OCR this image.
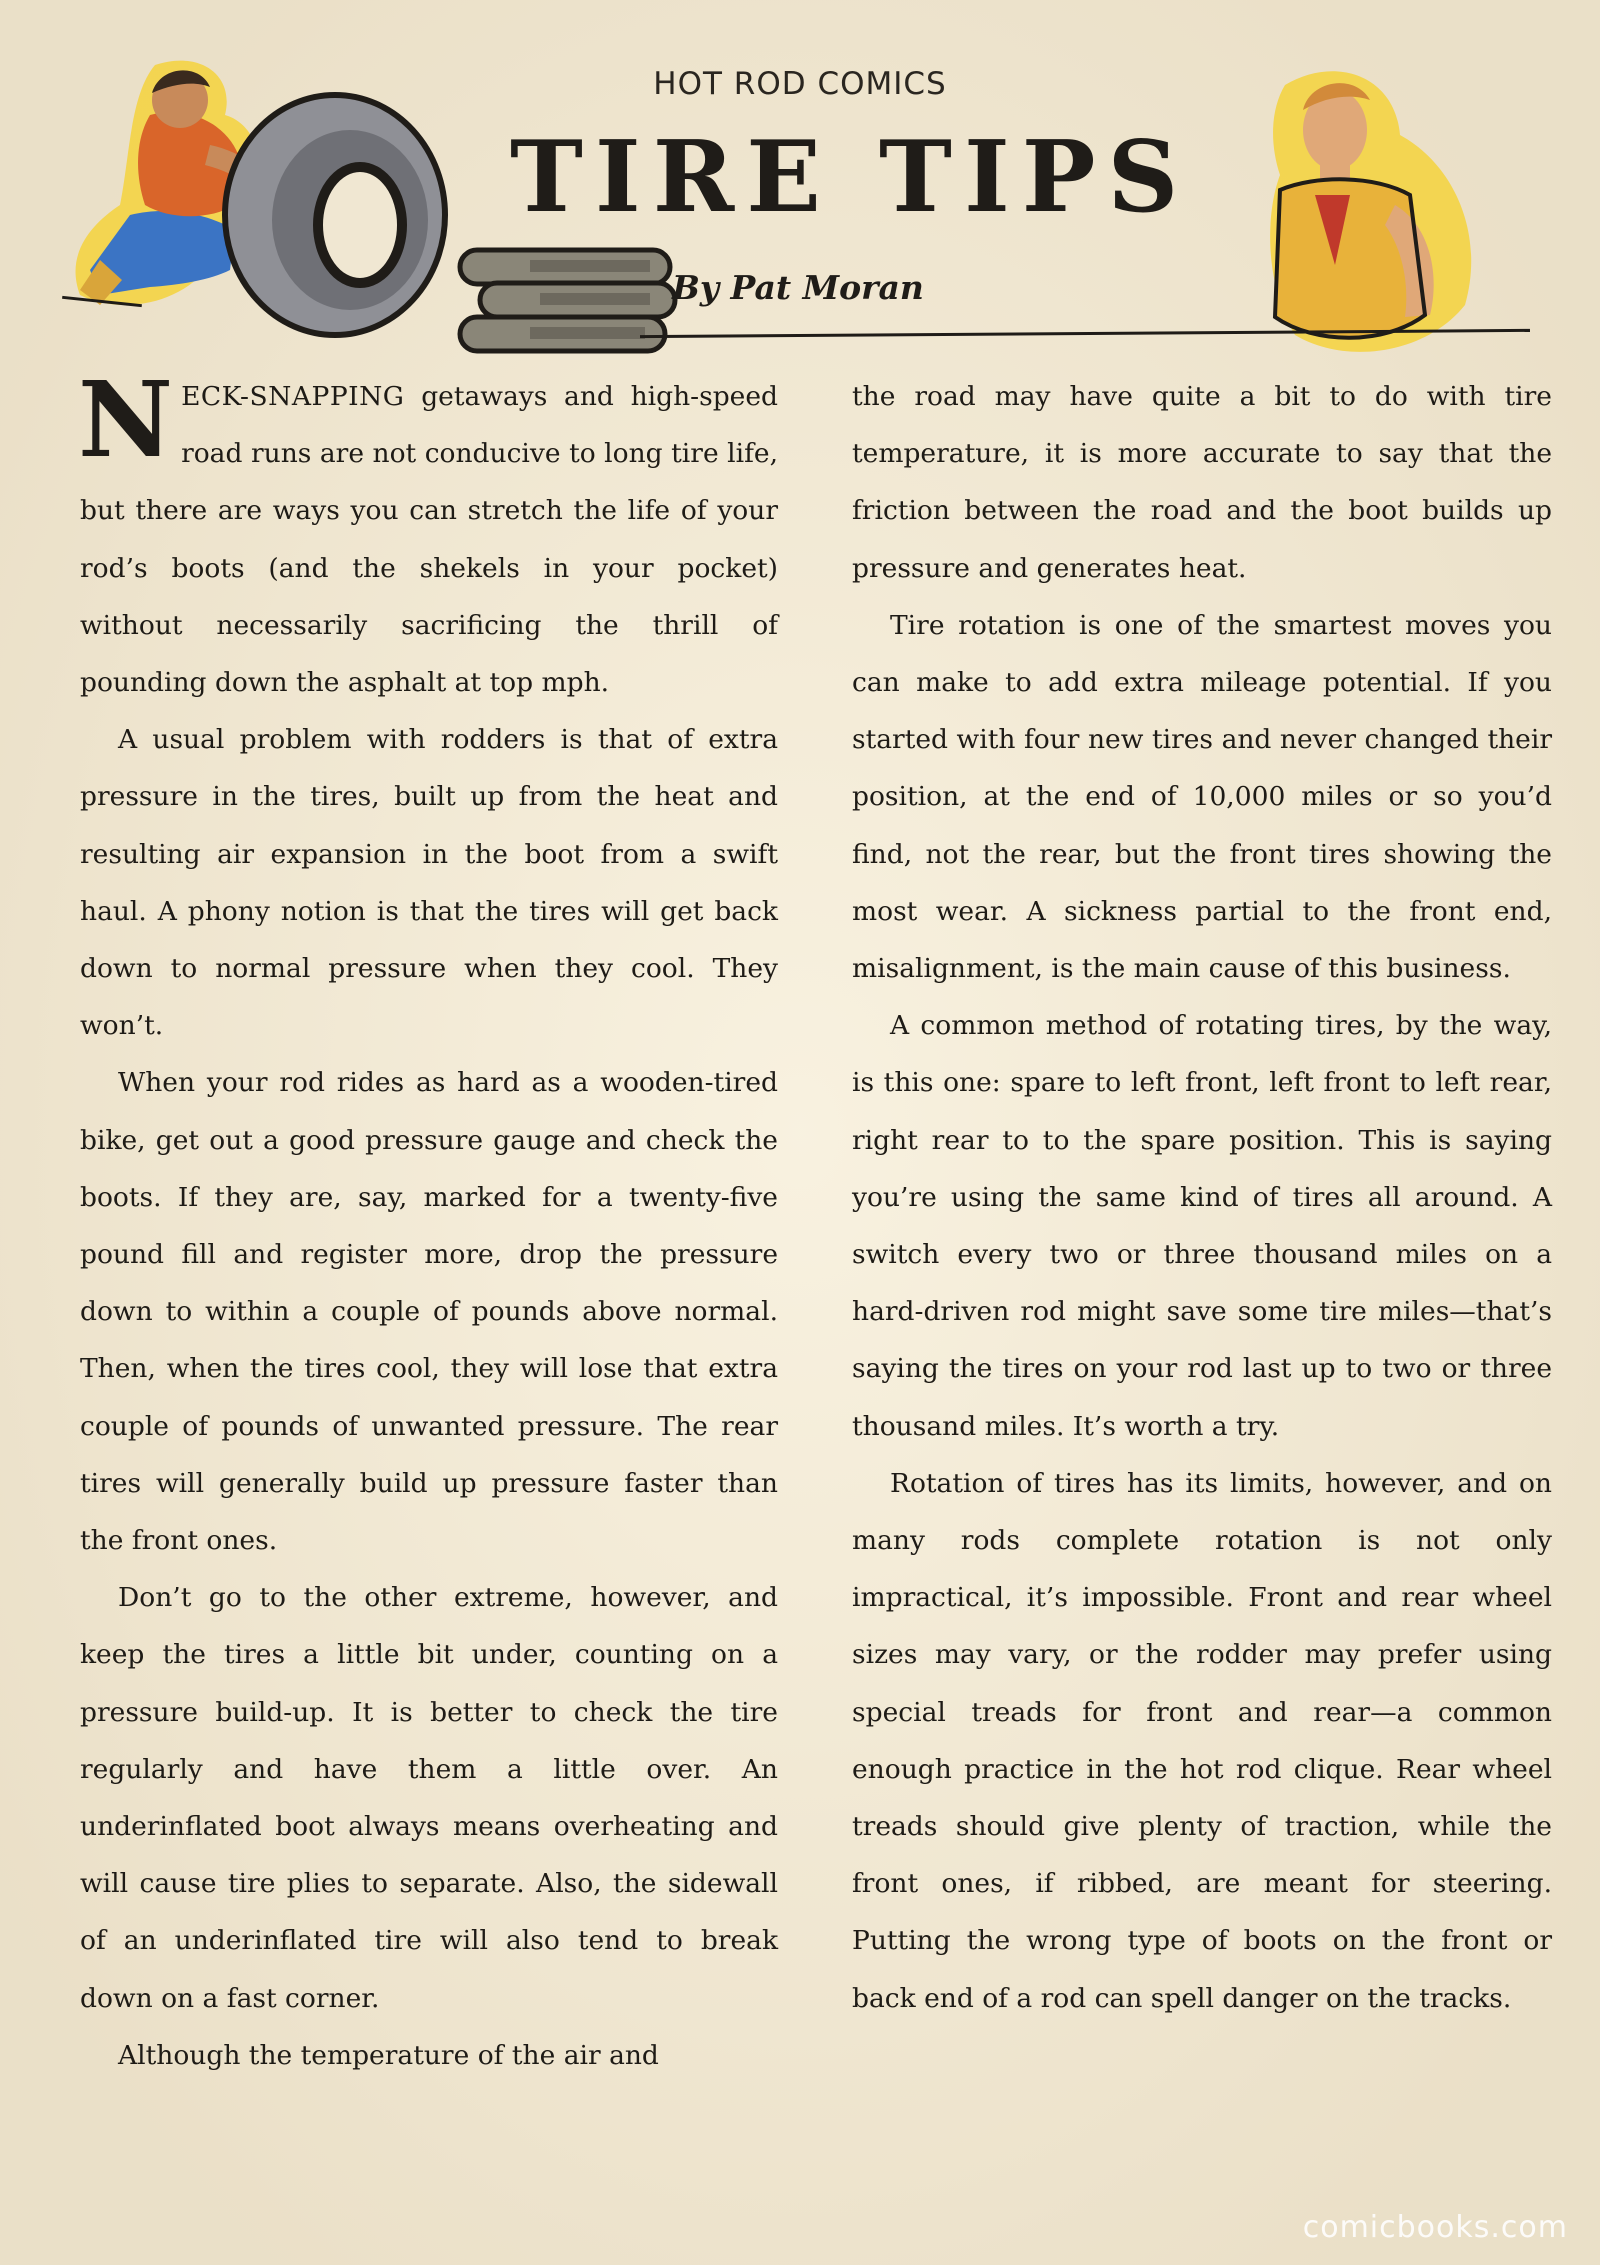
HOT ROD COMICS
TIRE TIPS
By Pat Moran

NECK-SNAPPING getaways and high-speed road runs are not conducive to long tire life, but there are ways you can stretch the life of your rod’s boots (and the shekels in your pocket) without necessarily sacrificing the thrill of pounding down the asphalt at top mph.

A usual problem with rodders is that of extra pressure in the tires, built up from the heat and resulting air expansion in the boot from a swift haul. A phony notion is that the tires will get back down to normal pressure when they cool. They won’t.

When your rod rides as hard as a wooden-tired bike, get out a good pressure gauge and check the boots. If they are, say, marked for a twenty-five pound fill and register more, drop the pressure down to within a couple of pounds above normal. Then, when the tires cool, they will lose that extra couple of pounds of unwanted pressure. The rear tires will generally build up pressure faster than the front ones.

Don’t go to the other extreme, however, and keep the tires a little bit under, counting on a pressure build-up. It is better to check the tire regularly and have them a little over. An underinflated boot always means overheating and will cause tire plies to separate. Also, the sidewall of an underinflated tire will also tend to break down on a fast corner.

Although the temperature of the air and

the road may have quite a bit to do with tire temperature, it is more accurate to say that the friction between the road and the boot builds up pressure and generates heat.

Tire rotation is one of the smartest moves you can make to add extra mileage potential. If you started with four new tires and never changed their position, at the end of 10,000 miles or so you’d find, not the rear, but the front tires showing the most wear. A sickness partial to the front end, misalignment, is the main cause of this business.

A common method of rotating tires, by the way, is this one: spare to left front, left front to left rear, right rear to to the spare position. This is saying you’re using the same kind of tires all around. A switch every two or three thousand miles on a hard-driven rod might save some tire miles—that’s saying the tires on your rod last up to two or three thousand miles. It’s worth a try.

Rotation of tires has its limits, however, and on many rods complete rotation is not only impractical, it’s impossible. Front and rear wheel sizes may vary, or the rodder may prefer using special treads for front and rear—a common enough practice in the hot rod clique. Rear wheel treads should give plenty of traction, while the front ones, if ribbed, are meant for steering. Putting the wrong type of boots on the front or back end of a rod can spell danger on the tracks.

comicbooks.com
